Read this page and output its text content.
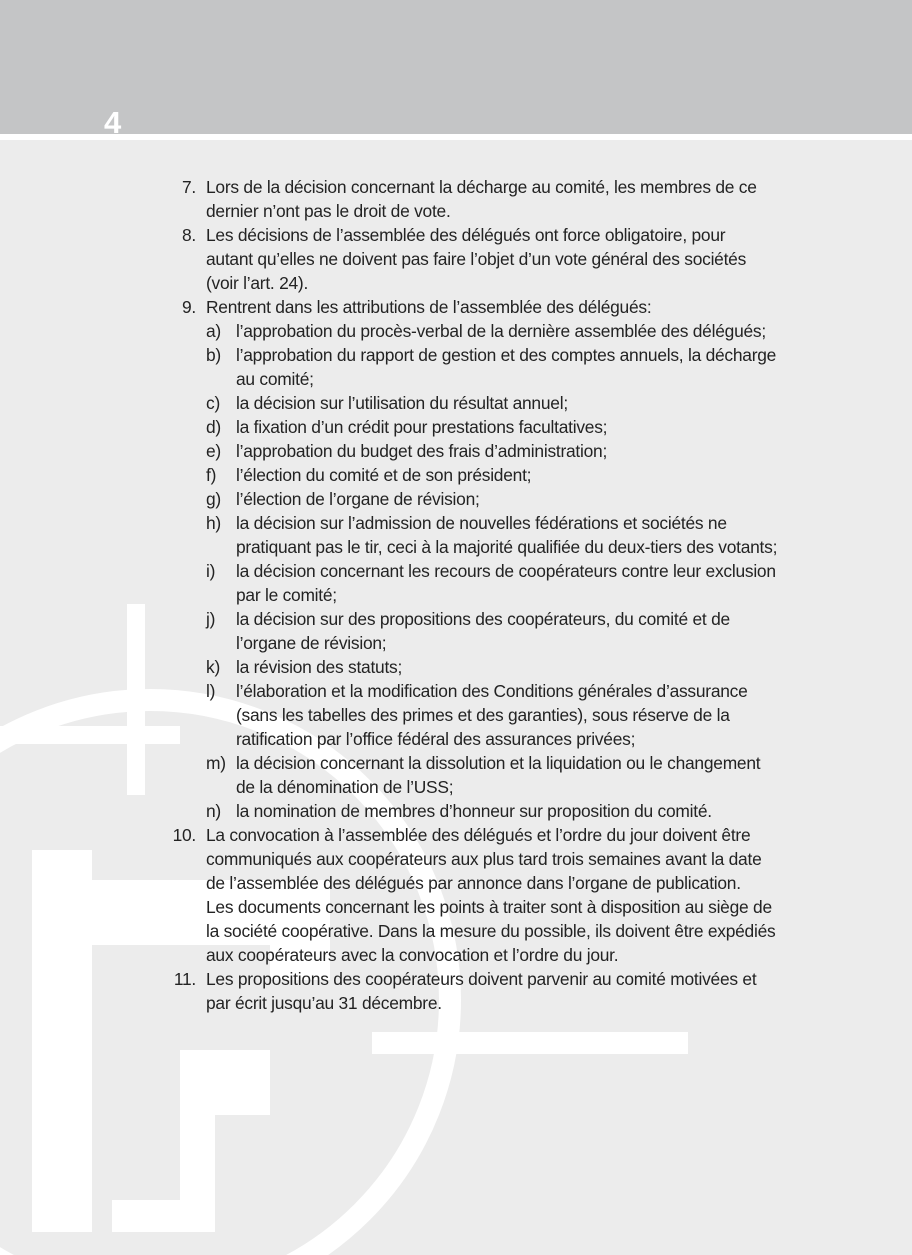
4
7. Lors de la décision concernant la décharge au comité, les membres de ce
dernier n’ont pas le droit de vote.
8. Les décisions de l’assemblée des délégués ont force obligatoire, pour
autant qu’elles ne doivent pas faire l’objet d’un vote général des sociétés
(voir l’art. 24).
9. Rentrent dans les attributions de l’assemblée des délégués:
a) l’approbation du procès-verbal de la dernière assemblée des délégués;
b) l’approbation du rapport de gestion et des comptes annuels, la décharge
au comité;
c) la décision sur l’utilisation du résultat annuel;
d) la fixation d’un crédit pour prestations facultatives;
e) l’approbation du budget des frais d’administration;
f) l’élection du comité et de son président;
g) l’élection de l’organe de révision;
h) la décision sur l’admission de nouvelles fédérations et sociétés ne
pratiquant pas le tir, ceci à la majorité qualifiée du deux-tiers des votants;
i) la décision concernant les recours de coopérateurs contre leur exclusion
par le comité;
j) la décision sur des propositions des coopérateurs, du comité et de
l’organe de révision;
k) la révision des statuts;
l) l’élaboration et la modification des Conditions générales d’assurance
(sans les tabelles des primes et des garanties), sous réserve de la
ratification par l’office fédéral des assurances privées;
m) la décision concernant la dissolution et la liquidation ou le changement
de la dénomination de l’USS;
n) la nomination de membres d’honneur sur proposition du comité.
10. La convocation à l’assemblée des délégués et l’ordre du jour doivent être
communiqués aux coopérateurs aux plus tard trois semaines avant la date
de l’assemblée des délégués par annonce dans l’organe de publication.
Les documents concernant les points à traiter sont à disposition au siège de
la société coopérative. Dans la mesure du possible, ils doivent être expédiés
aux coopérateurs avec la convocation et l’ordre du jour.
11. Les propositions des coopérateurs doivent parvenir au comité motivées et
par écrit jusqu’au 31 décembre.
